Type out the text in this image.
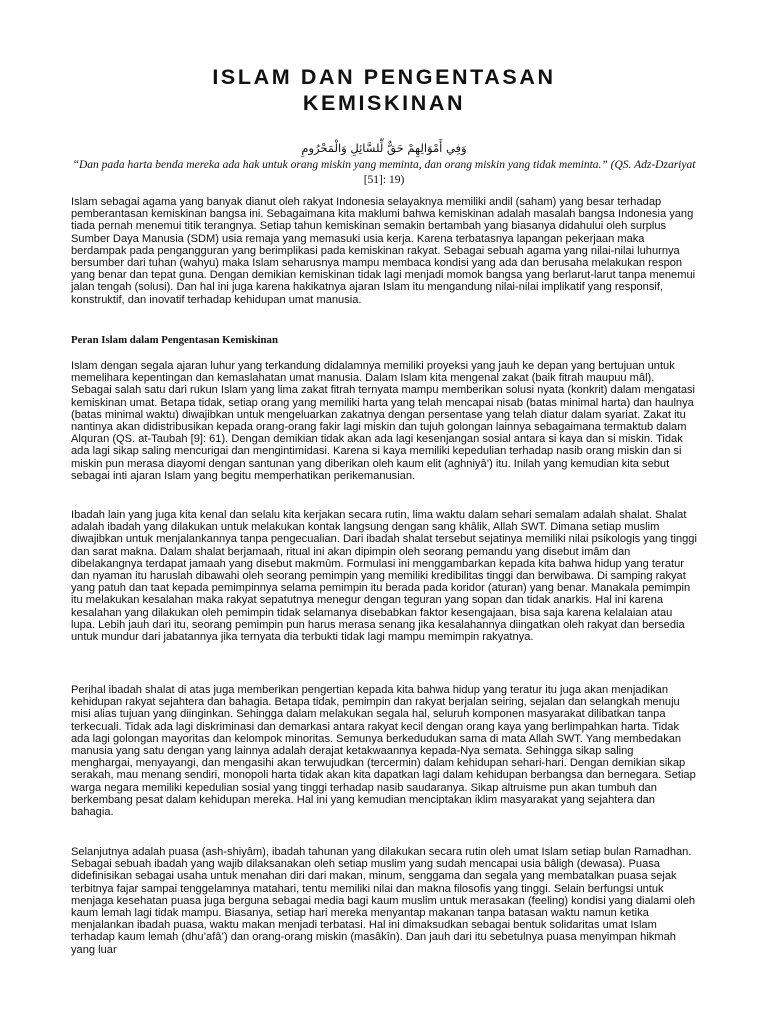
ISLAM DAN PENGENTASAN
KEMISKINAN
وَفِي أَمْوَالِهِمْ حَقٌّ لِّلسَّائِلِ وَالْمَحْرُومِ
“Dan pada harta benda mereka ada hak untuk orang miskin yang meminta, dan orang miskin yang tidak meminta.” (QS. Adz-Dzariyat [51]: 19)

Islam sebagai agama yang banyak dianut oleh rakyat Indonesia selayaknya memiliki andil (saham) yang besar terhadap pemberantasan kemiskinan bangsa ini. Sebagaimana kita maklumi bahwa kemiskinan adalah masalah bangsa Indonesia yang tiada pernah menemui titik terangnya. Setiap tahun kemiskinan semakin bertambah yang biasanya didahului oleh surplus Sumber Daya Manusia (SDM) usia remaja yang memasuki usia kerja. Karena terbatasnya lapangan pekerjaan maka berdampak pada pengangguran yang berimplikasi pada kemiskinan rakyat. Sebagai sebuah agama yang nilai-nilai luhurnya bersumber dari tuhan (wahyu) maka Islam seharusnya mampu membaca kondisi yang ada dan berusaha melakukan respon yang benar dan tepat guna. Dengan demikian kemiskinan tidak lagi menjadi momok bangsa yang berlarut-larut tanpa menemui jalan tengah (solusi). Dan hal ini juga karena hakikatnya ajaran Islam itu mengandung nilai-nilai implikatif yang responsif, konstruktif, dan inovatif terhadap kehidupan umat manusia.

Peran Islam dalam Pengentasan Kemiskinan

Islam dengan segala ajaran luhur yang terkandung didalamnya memiliki proyeksi yang jauh ke depan yang bertujuan untuk memelihara kepentingan dan kemaslahatan umat manusia. Dalam Islam kita mengenal zakat (baik fitrah maupuu mâl). Sebagai salah satu dari rukun Islam yang lima zakat fitrah ternyata mampu memberikan solusi nyata (konkrit) dalam mengatasi kemiskinan umat. Betapa tidak, setiap orang yang memiliki harta yang telah mencapai nisab (batas minimal harta) dan haulnya (batas minimal waktu) diwajibkan untuk mengeluarkan zakatnya dengan persentase yang telah diatur dalam syariat. Zakat itu nantinya akan didistribusikan kepada orang-orang fakir lagi miskin dan tujuh golongan lainnya sebagaimana termaktub dalam Alquran (QS. at-Taubah [9]: 61). Dengan demikian tidak akan ada lagi kesenjangan sosial antara si kaya dan si miskin. Tidak ada lagi sikap saling mencurigai dan mengintimidasi. Karena si kaya memiliki kepedulian terhadap nasib orang miskin dan si miskin pun merasa diayomi dengan santunan yang diberikan oleh kaum elit (aghniyâ’) itu. Inilah yang kemudian kita sebut sebagai inti ajaran Islam yang begitu memperhatikan perikemanusian.

Ibadah lain yang juga kita kenal dan selalu kita kerjakan secara rutin, lima waktu dalam sehari semalam adalah shalat. Shalat adalah ibadah yang dilakukan untuk melakukan kontak langsung dengan sang khâlik, Allah SWT. Dimana setiap muslim diwajibkan untuk menjalankannya tanpa pengecualian. Dari ibadah shalat tersebut sejatinya memiliki nilai psikologis yang tinggi dan sarat makna. Dalam shalat berjamaah, ritual ini akan dipimpin oleh seorang pemandu yang disebut imâm dan dibelakangnya terdapat jamaah yang disebut makmûm. Formulasi ini menggambarkan kepada kita bahwa hidup yang teratur dan nyaman itu haruslah dibawahi oleh seorang pemimpin yang memiliki kredibilitas tinggi dan berwibawa. Di samping rakyat yang patuh dan taat kepada pemimpinnya selama pemimpin itu berada pada koridor (aturan) yang benar. Manakala pemimpin itu melakukan kesalahan maka rakyat sepatutnya menegur dengan teguran yang sopan dan tidak anarkis. Hal ini karena kesalahan yang dilakukan oleh pemimpin tidak selamanya disebabkan faktor kesengajaan, bisa saja karena kelalaian atau lupa. Lebih jauh dari itu, seorang pemimpin pun harus merasa senang jika kesalahannya diingatkan oleh rakyat dan bersedia untuk mundur dari jabatannya jika ternyata dia terbukti tidak lagi mampu memimpin rakyatnya.

Perihal ibadah shalat di atas juga memberikan pengertian kepada kita bahwa hidup yang teratur itu juga akan menjadikan kehidupan rakyat sejahtera dan bahagia. Betapa tidak, pemimpin dan rakyat berjalan seiring, sejalan dan selangkah menuju misi alias tujuan yang diinginkan. Sehingga dalam melakukan segala hal, seluruh komponen masyarakat dilibatkan tanpa terkecuali. Tidak ada lagi diskriminasi dan demarkasi antara rakyat kecil dengan orang kaya yang berlimpahkan harta. Tidak ada lagi golongan mayoritas dan kelompok minoritas. Semunya berkedudukan sama di mata Allah SWT. Yang membedakan manusia yang satu dengan yang lainnya adalah derajat ketakwaannya kepada-Nya semata. Sehingga sikap saling menghargai, menyayangi, dan mengasihi akan terwujudkan (tercermin) dalam kehidupan sehari-hari. Dengan demikian sikap serakah, mau menang sendiri, monopoli harta tidak akan kita dapatkan lagi dalam kehidupan berbangsa dan bernegara. Setiap warga negara memiliki kepedulian sosial yang tinggi terhadap nasib saudaranya. Sikap altruisme pun akan tumbuh dan berkembang pesat dalam kehidupan mereka. Hal ini yang kemudian menciptakan iklim masyarakat yang sejahtera dan bahagia.

Selanjutnya adalah puasa (ash-shiyâm), ibadah tahunan yang dilakukan secara rutin oleh umat Islam setiap bulan Ramadhan. Sebagai sebuah ibadah yang wajib dilaksanakan oleh setiap muslim yang sudah mencapai usia bâligh (dewasa). Puasa didefinisikan sebagai usaha untuk menahan diri dari makan, minum, senggama dan segala yang membatalkan puasa sejak terbitnya fajar sampai tenggelamnya matahari, tentu memiliki nilai dan makna filosofis yang tinggi. Selain berfungsi untuk menjaga kesehatan puasa juga berguna sebagai media bagi kaum muslim untuk merasakan (feeling) kondisi yang dialami oleh kaum lemah lagi tidak mampu. Biasanya, setiap hari mereka menyantap makanan tanpa batasan waktu namun ketika menjalankan ibadah puasa, waktu makan menjadi terbatasi. Hal ini dimaksudkan sebagai bentuk solidaritas umat Islam terhadap kaum lemah (dhu’afâ’) dan orang-orang miskin (masâkîn). Dan jauh dari itu sebetulnya puasa menyimpan hikmah yang luar
